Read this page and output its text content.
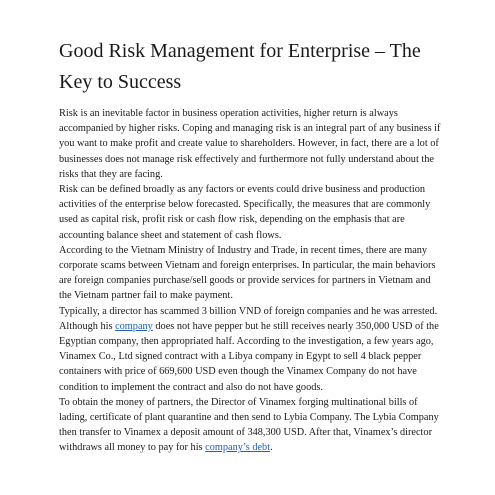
Good Risk Management for Enterprise – The Key to Success

Risk is an inevitable factor in business operation activities, higher return is always accompanied by higher risks. Coping and managing risk is an integral part of any business if you want to make profit and create value to shareholders. However, in fact, there are a lot of businesses does not manage risk effectively and furthermore not fully understand about the risks that they are facing.

Risk can be defined broadly as any factors or events could drive business and production activities of the enterprise below forecasted. Specifically, the measures that are commonly used as capital risk, profit risk or cash flow risk, depending on the emphasis that are accounting balance sheet and statement of cash flows.

According to the Vietnam Ministry of Industry and Trade, in recent times, there are many corporate scams between Vietnam and foreign enterprises. In particular, the main behaviors are foreign companies purchase/sell goods or provide services for partners in Vietnam and the Vietnam partner fail to make payment.

Typically, a director has scammed 3 billion VND of foreign companies and he was arrested. Although his company does not have pepper but he still receives nearly 350,000 USD of the Egyptian company, then appropriated half. According to the investigation, a few years ago, Vinamex Co., Ltd signed contract with a Libya company in Egypt to sell 4 black pepper containers with price of 669,600 USD even though the Vinamex Company do not have condition to implement the contract and also do not have goods.

To obtain the money of partners, the Director of Vinamex forging multinational bills of lading, certificate of plant quarantine and then send to Lybia Company. The Lybia Company then transfer to Vinamex a deposit amount of 348,300 USD. After that, Vinamex’s director withdraws all money to pay for his company’s debt.
